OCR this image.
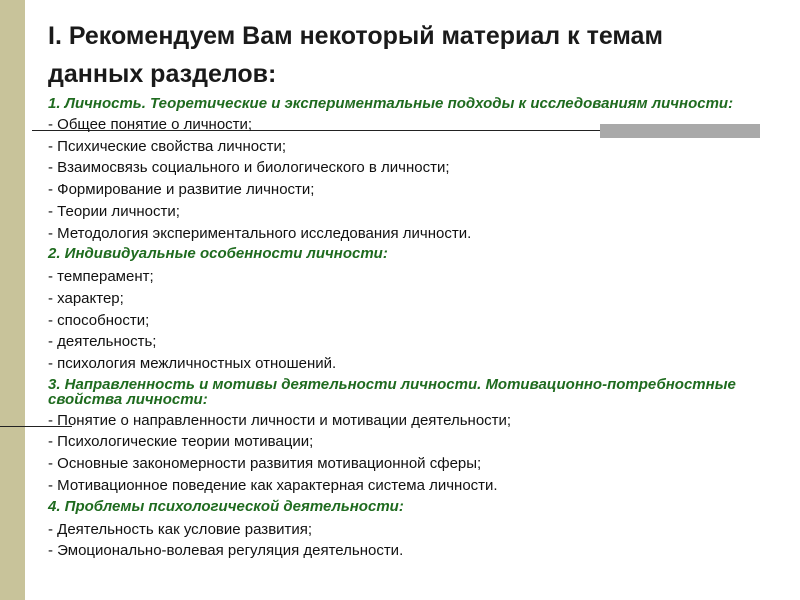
I. Рекомендуем Вам некоторый материал к темам данных разделов:
1. Личность. Теоретические и экспериментальные подходы к исследованиям личности:
- Общее понятие о личности;
- Психические свойства личности;
- Взаимосвязь социального и биологического в личности;
- Формирование и развитие личности;
- Теории личности;
- Методология экспериментального исследования личности.
2. Индивидуальные особенности личности:
- темперамент;
- характер;
- способности;
- деятельность;
- психология межличностных отношений.
3. Направленность и мотивы деятельности личности. Мотивационно-потребностные свойства личности:
- Понятие о направленности личности и мотивации деятельности;
- Психологические теории мотивации;
- Основные закономерности развития мотивационной сферы;
- Мотивационное поведение как характерная система личности.
4. Проблемы психологической деятельности:
- Деятельность как условие развития;
- Эмоционально-волевая регуляция деятельности.
